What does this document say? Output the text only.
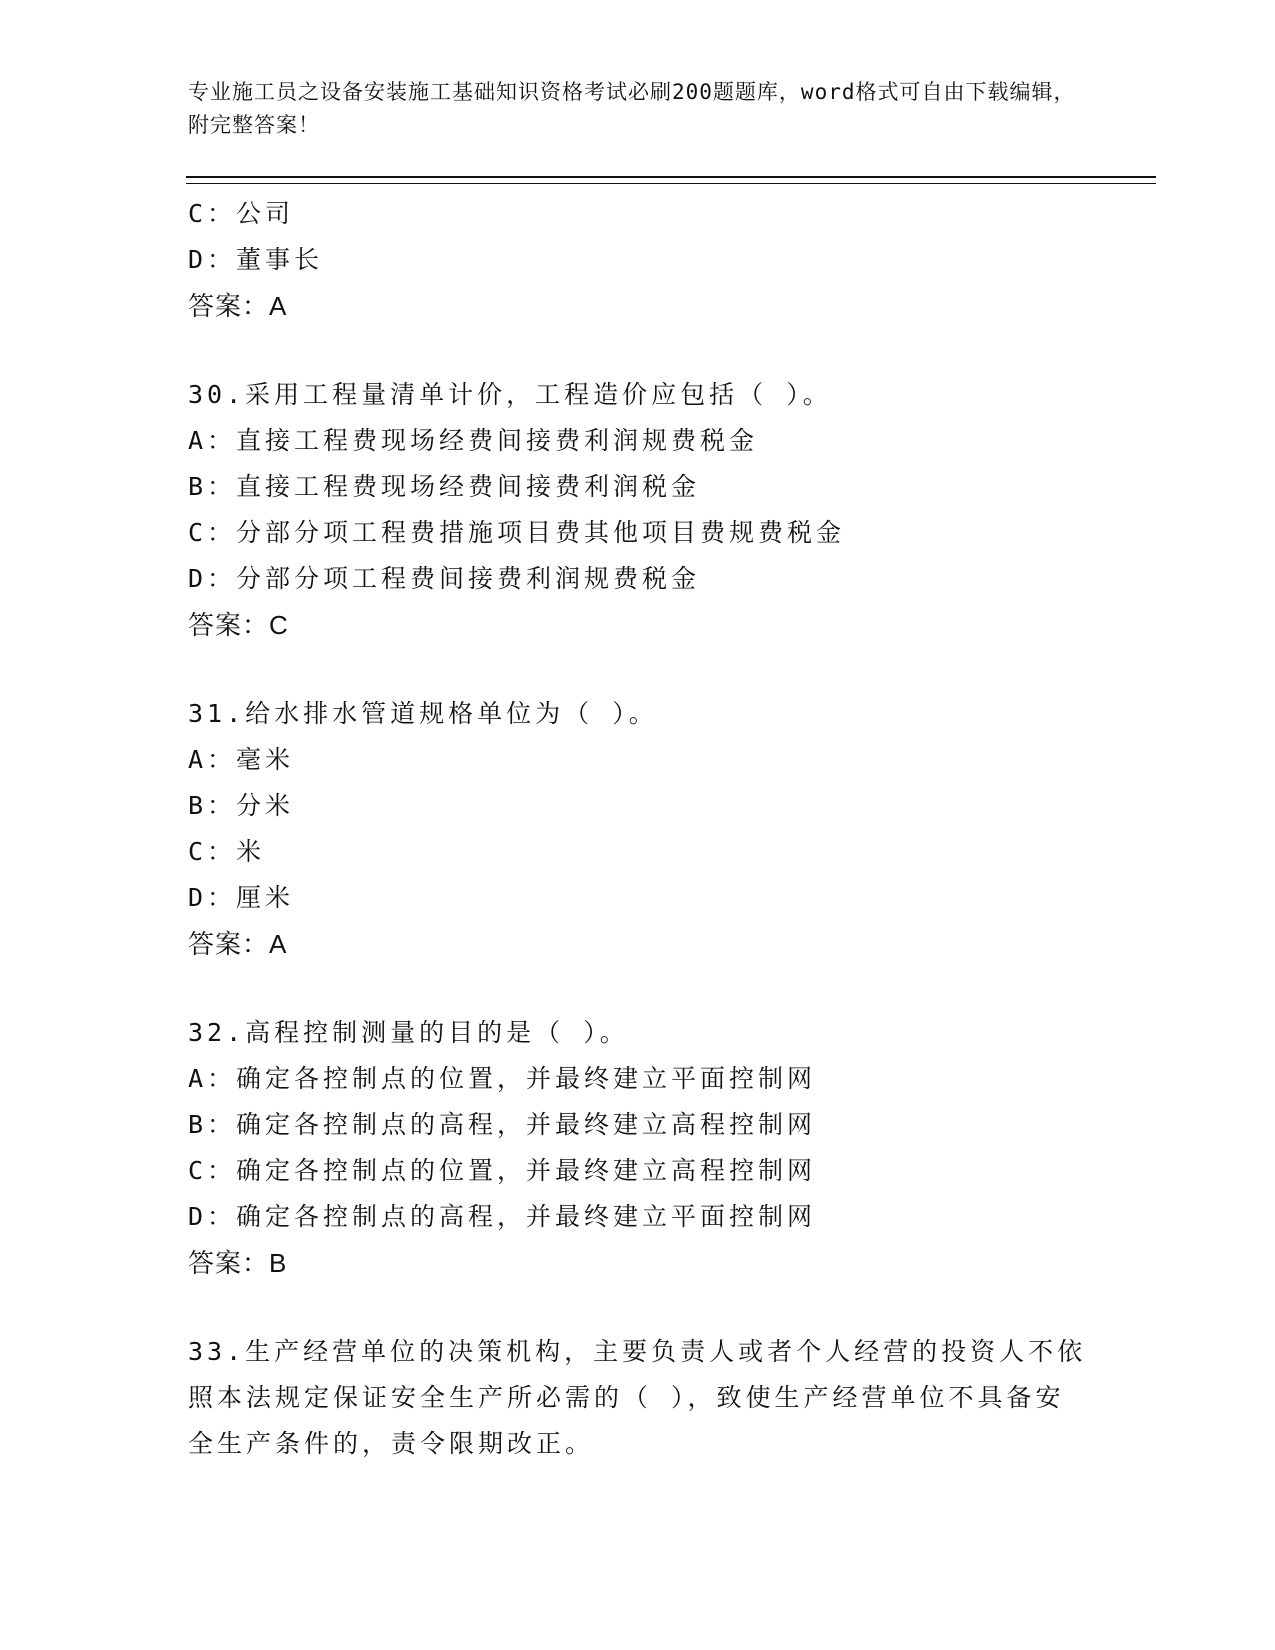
专业施工员之设备安装施工基础知识资格考试必刷200题题库，word格式可自由下载编辑，附完整答案！

C：公司

D：董事长

答案：A

30.采用工程量清单计价，工程造价应包括（ ）。

A：直接工程费现场经费间接费利润规费税金

B：直接工程费现场经费间接费利润税金

C：分部分项工程费措施项目费其他项目费规费税金

D：分部分项工程费间接费利润规费税金

答案：C

31.给水排水管道规格单位为（ ）。

A：毫米

B：分米

C：米

D：厘米

答案：A

32.高程控制测量的目的是（ ）。

A：确定各控制点的位置，并最终建立平面控制网

B：确定各控制点的高程，并最终建立高程控制网

C：确定各控制点的位置，并最终建立高程控制网

D：确定各控制点的高程，并最终建立平面控制网

答案：B

33.生产经营单位的决策机构，主要负责人或者个人经营的投资人不依照本法规定保证安全生产所必需的（ ），致使生产经营单位不具备安全生产条件的，责令限期改正。
